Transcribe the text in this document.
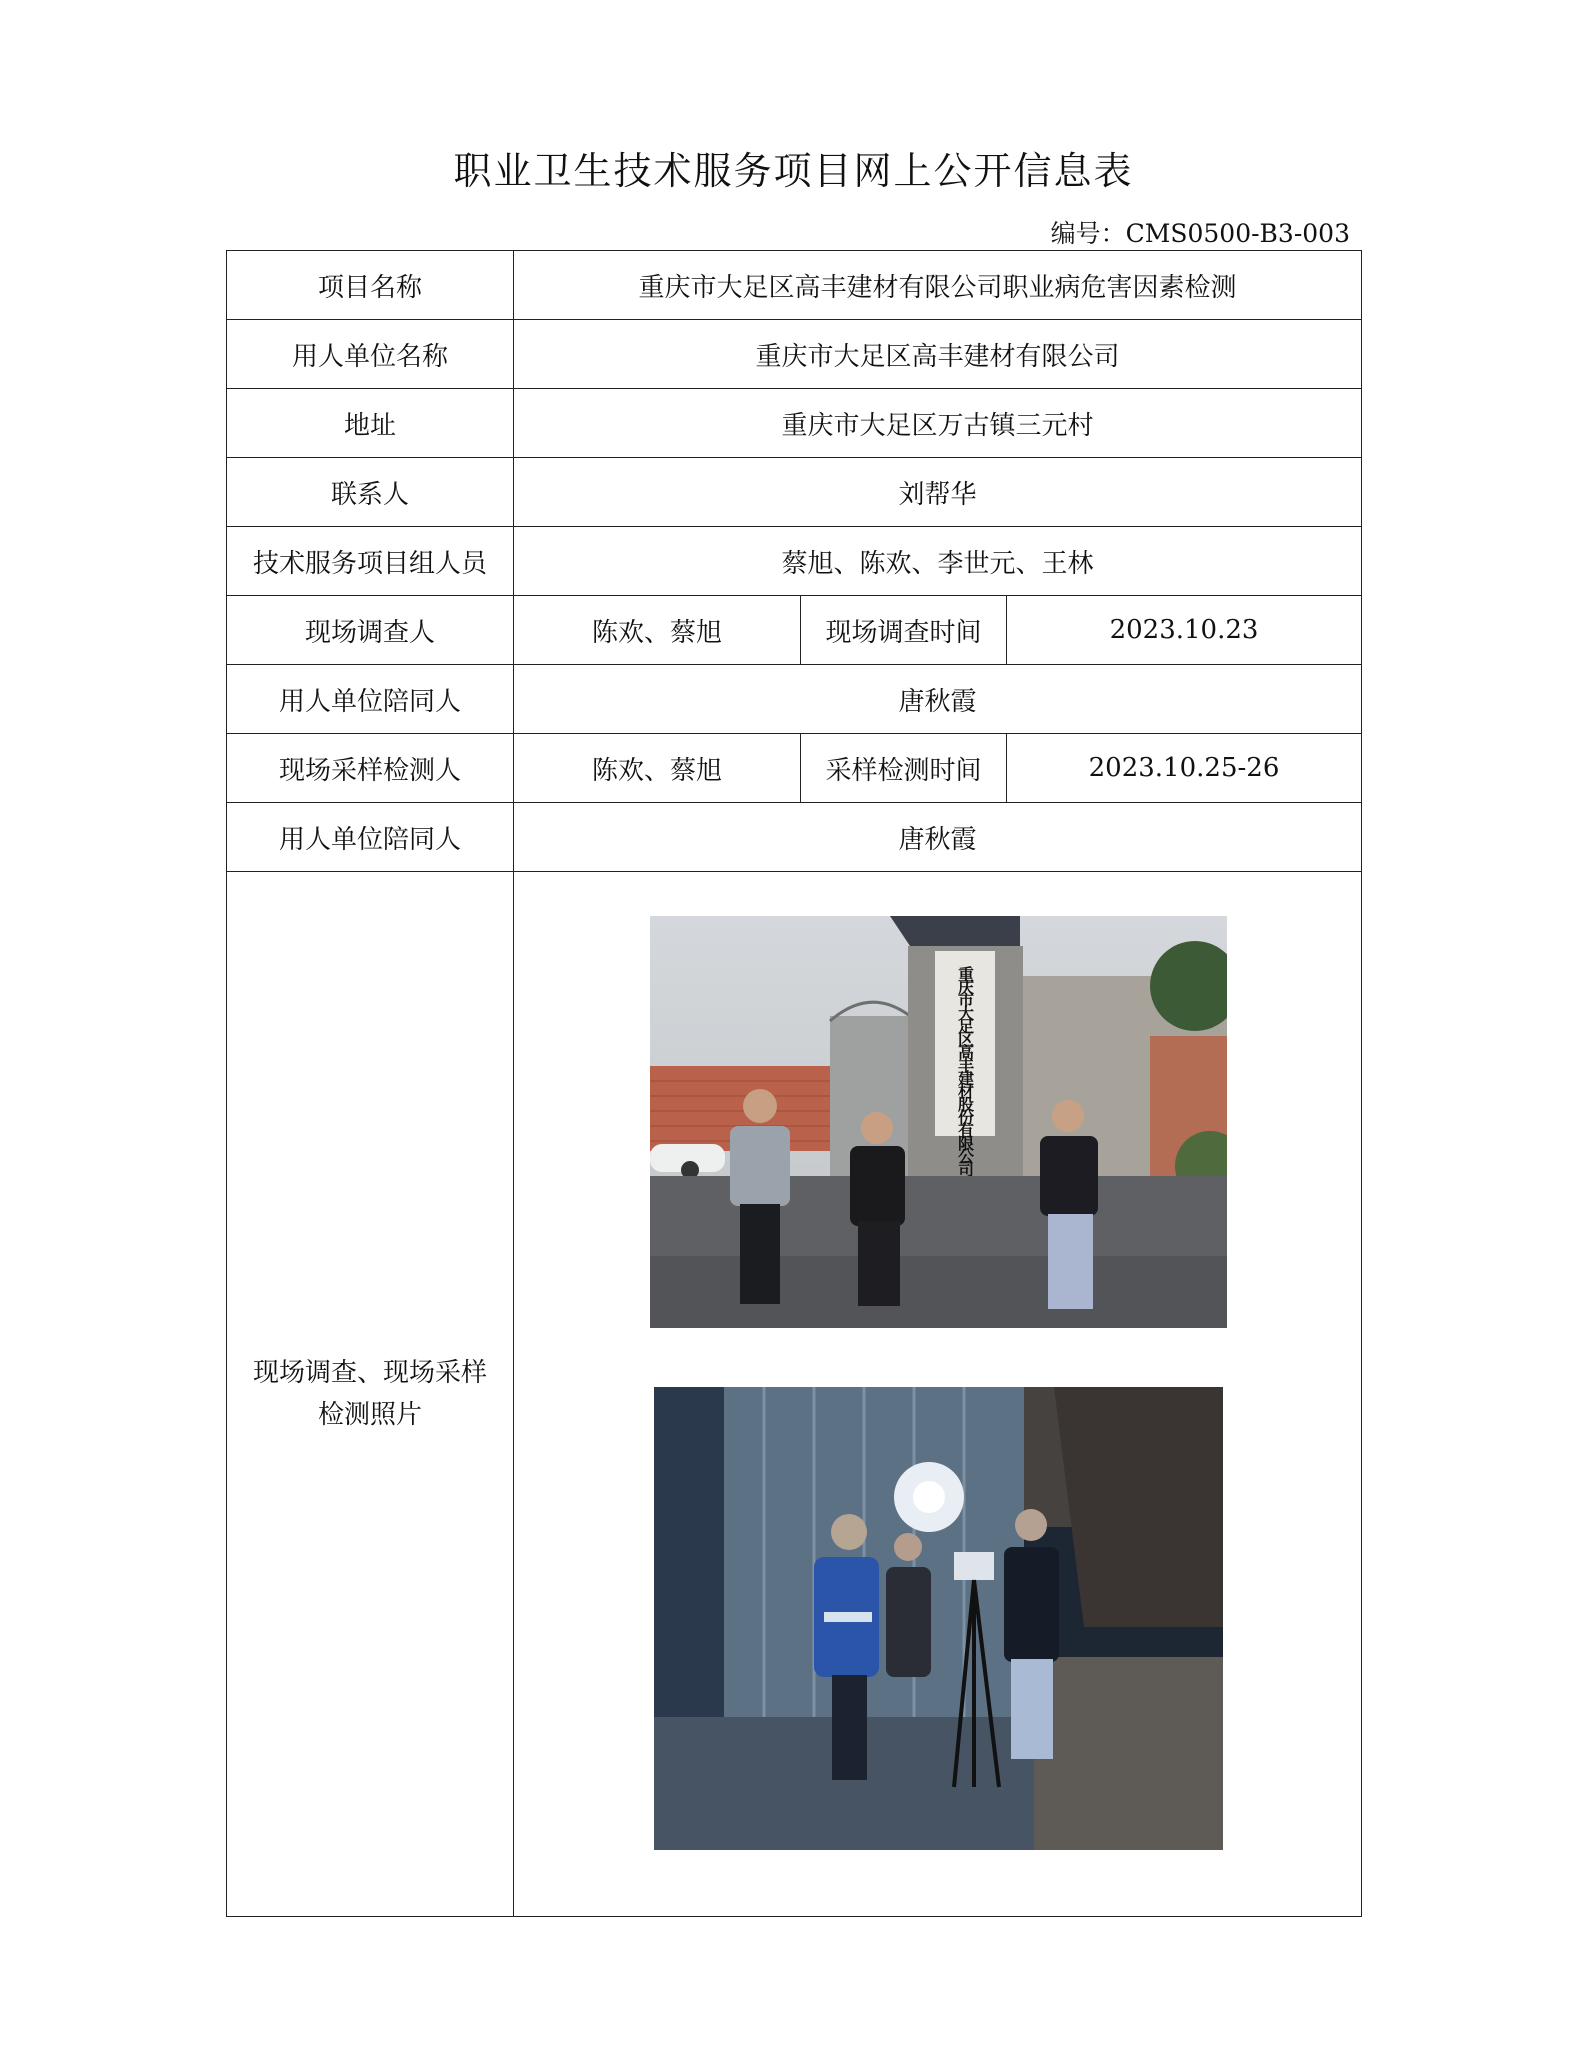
职业卫生技术服务项目网上公开信息表
编号：CMS0500-B3-003
项目名称	重庆市大足区高丰建材有限公司职业病危害因素检测		
用人单位名称	重庆市大足区高丰建材有限公司		
地址	重庆市大足区万古镇三元村		
联系人	刘帮华		
技术服务项目组人员	蔡旭、陈欢、李世元、王林		
现场调查人	陈欢、蔡旭	现场调查时间	2023.10.23
用人单位陪同人	唐秋霞		
现场采样检测人	陈欢、蔡旭	采样检测时间	2023.10.25-26
用人单位陪同人	唐秋霞		

现场调查、现场采样
检测照片	重庆市大足区高丰建材股份有限公司		
